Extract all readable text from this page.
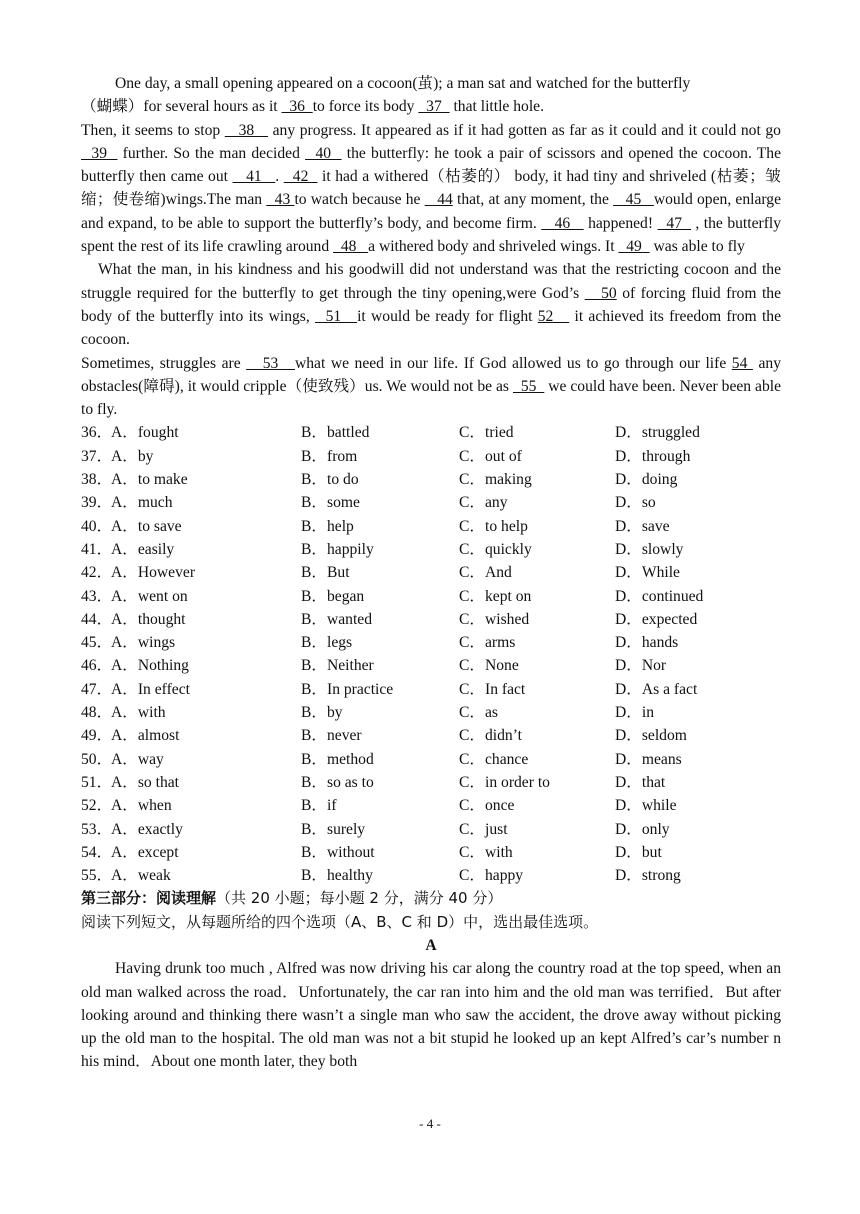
One day, a small opening appeared on a cocoon(茧); a man sat and watched for the butterfly
（蝴蝶）for several hours as it   36  to force its body   37   that little hole.

Then, it seems to stop    38    any progress. It appeared as if it had gotten as far as it could and it could not go   39   further. So the man decided   40   the butterfly: he took a pair of scissors and opened the cocoon. The butterfly then came out    41   .   42   it had a withered（枯萎的） body, it had tiny and shriveled (枯萎；皱缩；使卷缩)wings.The man   43 to watch because he    44 that, at any moment, the    45   would open, enlarge and expand, to be able to support the butterfly’s body, and become firm.    46    happened!   47   , the butterfly spent the rest of its life crawling around   48   a withered body and shriveled wings. It   49   was able to fly

What the man, in his kindness and his goodwill did not understand was that the restricting cocoon and the struggle required for the butterfly to get through the tiny opening,were God’s    50 of forcing fluid from the body of the butterfly into its wings,   51   it would be ready for flight 52    it achieved its freedom from the cocoon.

Sometimes, struggles are    53   what we need in our life. If God allowed us to go through our life 54  any obstacles(障碍), it would cripple（使致残）us. We would not be as   55   we could have been. Never been able to fly.

36．
A．fought	B．battled	C．tried	D．struggled
37．
A．by	B．from	C．out of	D．through
38．
A．to make	B．to do	C．making	D．doing
39．
A．much	B．some	C．any	D．so
40．
A．to save	B．help	C．to help	D．save
41．
A．easily	B．happily	C．quickly	D．slowly
42．
A．However	B．But	C．And	D．While
43．
A．went on	B．began	C．kept on	D．continued
44．
A．thought	B．wanted	C．wished	D．expected
45．
A．wings	B．legs	C．arms	D．hands
46．
A．Nothing	B．Neither	C．None	D．Nor
47．
A．In effect	B．In practice	C．In fact	D．As a fact
48．
A．with	B．by	C．as	D．in
49．
A．almost	B．never	C．didn’t	D．seldom
50．
A．way	B．method	C．chance	D．means
51．
A．so that	B．so as to	C．in order to	D．that
52．
A．when	B．if	C．once	D．while
53．
A．exactly	B．surely	C．just	D．only
54．
A．except	B．without	C．with	D．but
55．
A．weak	B．healthy	C．happy	D．strong
第三部分：阅读理解（共 20 小题；每小题 2 分，满分 40 分）
阅读下列短文，从每题所给的四个选项（A、B、C 和 D）中，选出最佳选项。
A

Having drunk too much , Alfred was now driving his car along the country road at the top speed, when an old man walked across the road．Unfortunately, the car ran into him and the old man was terrified．But after looking around and thinking there wasn’t a single man who saw the accident, the drove away without picking up the old man to the hospital. The old man was not a bit stupid he looked up an kept Alfred’s car’s number n his mind．About one month later, they both

- 4 -
